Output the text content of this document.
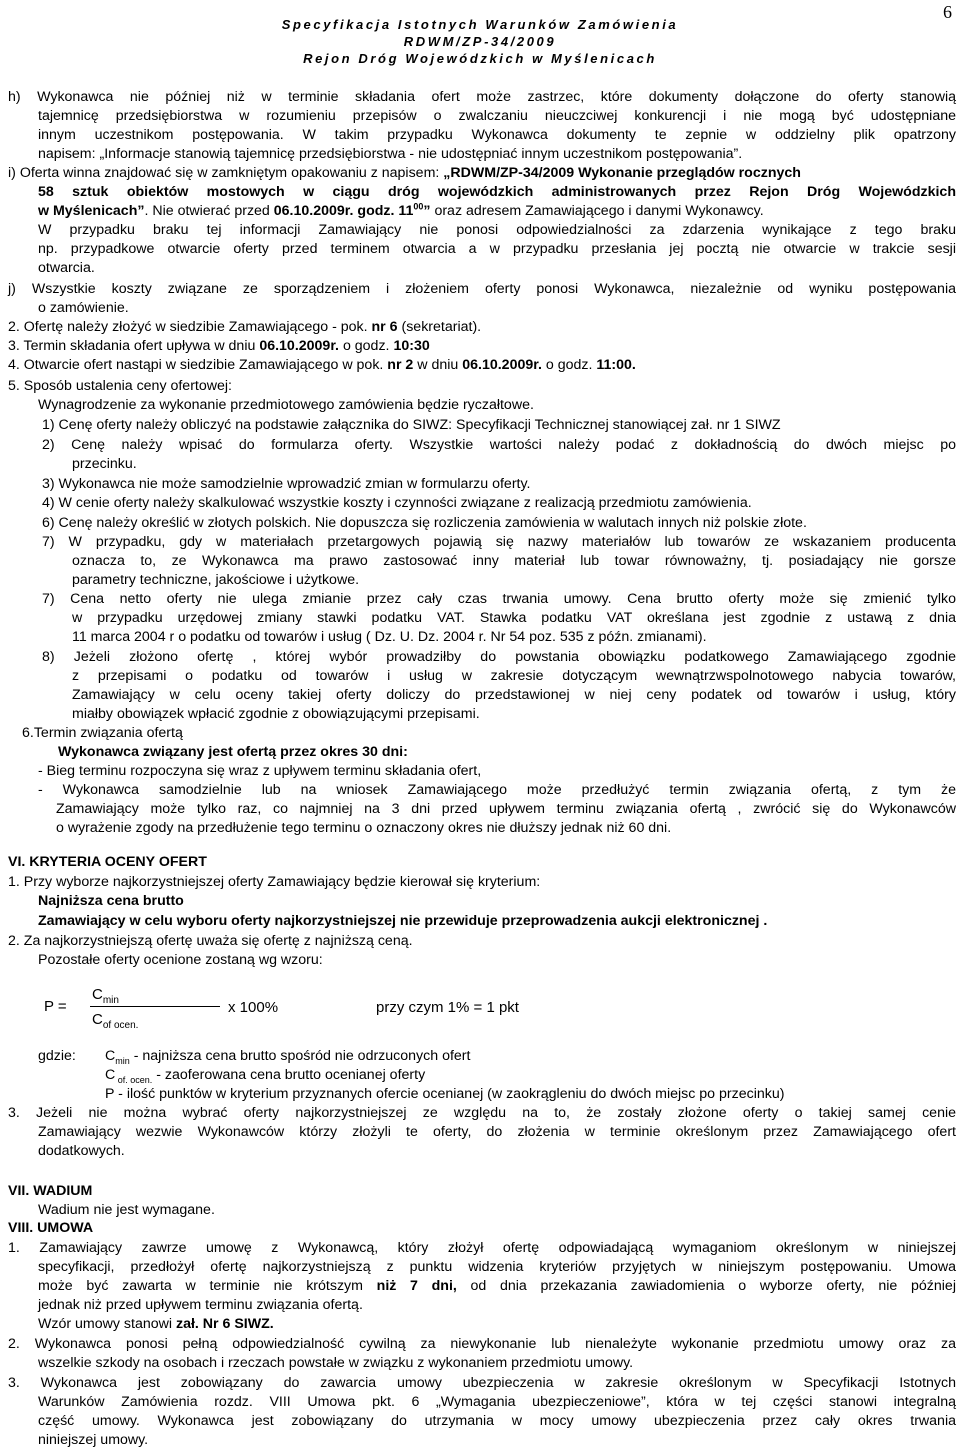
6
Specyfikacja Istotnych Warunków Zamówienia
RDWM/ZP-34/2009
Rejon Dróg Wojewódzkich w Myślenicach
h) Wykonawca nie później niż w terminie składania ofert może zastrzec, które dokumenty dołączone do oferty stanowią
tajemnicę przedsiębiorstwa w rozumieniu przepisów o zwalczaniu nieuczciwej konkurencji i nie mogą być udostępniane
innym uczestnikom postępowania. W takim przypadku Wykonawca dokumenty te zepnie w oddzielny plik opatrzony
napisem: „Informacje stanowią tajemnicę przedsiębiorstwa - nie udostępniać innym uczestnikom postępowania”.
i) Oferta winna znajdować się w zamkniętym opakowaniu z napisem: „RDWM/ZP-34/2009 Wykonanie przeglądów rocznych
58 sztuk obiektów mostowych w ciągu dróg wojewódzkich administrowanych przez Rejon Dróg Wojewódzkich
w Myślenicach”. Nie otwierać przed 06.10.2009r. godz. $11^{00}$” oraz adresem Zamawiającego i danymi Wykonawcy.
W przypadku braku tej informacji Zamawiający nie ponosi odpowiedzialności za zdarzenia wynikające z tego braku
np. przypadkowe otwarcie oferty przed terminem otwarcia a w przypadku przesłania jej pocztą nie otwarcie w trakcie sesji
otwarcia.
j) Wszystkie koszty związane ze sporządzeniem i złożeniem oferty ponosi Wykonawca, niezależnie od wyniku postępowania
o zamówienie.
2. Ofertę należy złożyć w siedzibie Zamawiającego - pok. nr 6 (sekretariat).
3. Termin składania ofert upływa w dniu 06.10.2009r. o godz. 10:30
4. Otwarcie ofert nastąpi w siedzibie Zamawiającego w pok. nr 2 w dniu 06.10.2009r. o godz. 11:00.
5. Sposób ustalenia ceny ofertowej:
Wynagrodzenie za wykonanie przedmiotowego zamówienia będzie ryczałtowe.
1) Cenę oferty należy obliczyć na podstawie załącznika do SIWZ: Specyfikacji Technicznej stanowiącej zał. nr 1 SIWZ
2) Cenę należy wpisać do formularza oferty. Wszystkie wartości należy podać z dokładnością do dwóch miejsc po
przecinku.
3) Wykonawca nie może samodzielnie wprowadzić zmian w formularzu oferty.
4) W cenie oferty należy skalkulować wszystkie koszty i czynności związane z realizacją przedmiotu zamówienia.
6) Cenę należy określić w złotych polskich. Nie dopuszcza się rozliczenia zamówienia w walutach innych niż polskie złote.
7) W przypadku, gdy w materiałach przetargowych pojawią się nazwy materiałów lub towarów ze wskazaniem producenta
oznacza to, ze Wykonawca ma prawo zastosować inny materiał lub towar równoważny, tj. posiadający nie gorsze
parametry techniczne, jakościowe i użytkowe.
7) Cena netto oferty nie ulega zmianie przez cały czas trwania umowy. Cena brutto oferty może się zmienić tylko
w przypadku urzędowej zmiany stawki podatku VAT. Stawka podatku VAT określana jest zgodnie z ustawą z dnia
11 marca 2004 r o podatku od towarów i usług ( Dz. U. Dz. 2004 r. Nr 54 poz. 535 z późn. zmianami).
8) Jeżeli złożono ofertę , której wybór prowadziłby do powstania obowiązku podatkowego Zamawiającego zgodnie
z przepisami o podatku od towarów i usług w zakresie dotyczącym wewnątrzwspolnotowego nabycia towarów,
Zamawiający w celu oceny takiej oferty doliczy do przedstawionej w niej ceny podatek od towarów i usług, który
miałby obowiązek wpłacić zgodnie z obowiązującymi przepisami.
6.Termin związania ofertą
Wykonawca związany jest ofertą przez okres 30 dni:
- Bieg terminu rozpoczyna się wraz z upływem terminu składania ofert,
- Wykonawca samodzielnie lub na wniosek Zamawiającego może przedłużyć termin związania ofertą, z tym że
Zamawiający może tylko raz, co najmniej na 3 dni przed upływem terminu związania ofertą , zwrócić się do Wykonawców
o wyrażenie zgody na przedłużenie tego terminu o oznaczony okres nie dłuższy jednak niż 60 dni.
VI. KRYTERIA OCENY OFERT
1. Przy wyborze najkorzystniejszej oferty Zamawiający będzie kierował się kryterium:
Najniższa cena brutto
Zamawiający w celu wyboru oferty najkorzystniejszej nie przewiduje przeprowadzenia aukcji elektronicznej .
2. Za najkorzystniejszą ofertę uważa się ofertę z najniższą ceną.
Pozostałe oferty ocenione zostaną wg wzoru:
P =
$C_{min}$
$C_{of ocen.}$
x 100%	przy czym 1% = 1 pkt
gdzie: $C_{min}$ - najniższa cena brutto spośród nie odrzuconych ofert
C $_{of. ocen.}$ - zaoferowana cena brutto ocenianej oferty
P - ilość punktów w kryterium przyznanych ofercie ocenianej (w zaokrągleniu do dwóch miejsc po przecinku)
3. Jeżeli nie można wybrać oferty najkorzystniejszej ze względu na to, że zostały złożone oferty o takiej samej cenie
Zamawiający wezwie Wykonawców którzy złożyli te oferty, do złożenia w terminie określonym przez Zamawiającego ofert
dodatkowych.
VII. WADIUM
Wadium nie jest wymagane.
VIII. UMOWA
1. Zamawiający zawrze umowę z Wykonawcą, który złożył ofertę odpowiadającą wymaganiom określonym w niniejszej
specyfikacji, przedłożył ofertę najkorzystniejszą z punktu widzenia kryteriów przyjętych w niniejszym postępowaniu. Umowa
może być zawarta w terminie nie krótszym niż 7 dni, od dnia przekazania zawiadomienia o wyborze oferty, nie później
jednak niż przed upływem terminu związania ofertą.
Wzór umowy stanowi zał. Nr 6 SIWZ.
2. Wykonawca ponosi pełną odpowiedzialność cywilną za niewykonanie lub nienależyte wykonanie przedmiotu umowy oraz za
wszelkie szkody na osobach i rzeczach powstałe w związku z wykonaniem przedmiotu umowy.
3. Wykonawca jest zobowiązany do zawarcia umowy ubezpieczenia w zakresie określonym w Specyfikacji Istotnych
Warunków Zamówienia rozdz. VIII Umowa pkt. 6 „Wymagania ubezpieczeniowe”, która w tej części stanowi integralną
część umowy. Wykonawca jest zobowiązany do utrzymania w mocy umowy ubezpieczenia przez cały okres trwania
niniejszej umowy.
